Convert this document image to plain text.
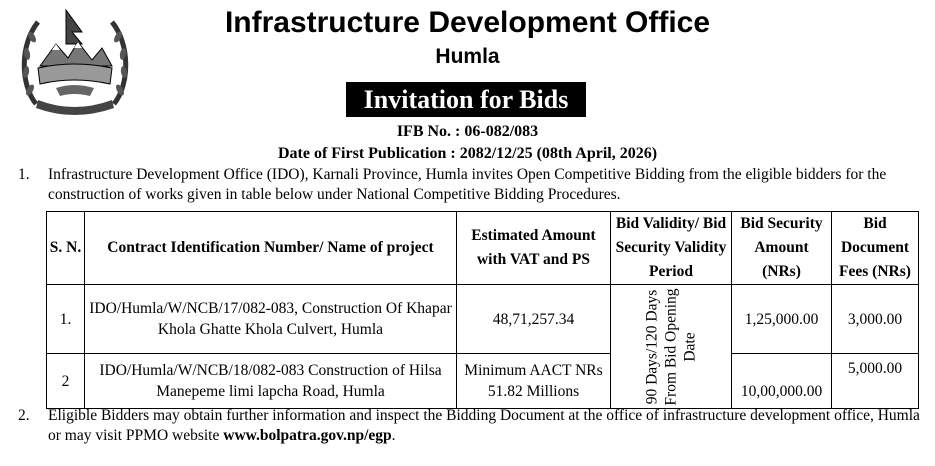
Infrastructure Development Office
Humla
Invitation for Bids
IFB No. : 06-082/083
Date of First Publication : 2082/12/25 (08th April, 2026)
1. Infrastructure Development Office (IDO), Karnali Province, Humla invites Open Competitive Bidding from the eligible bidders for the construction of works given in table below under National Competitive Bidding Procedures.
S. N.	Contract Identification Number/ Name of project	Estimated Amount with VAT and PS	Bid Validity/ Bid Security Validity Period	Bid Security Amount (NRs)	Bid Document Fees (NRs)
1.	IDO/Humla/W/NCB/17/082-083, Construction Of Khapar Khola Ghatte Khola Culvert, Humla	48,71,257.34	90 Days/120 Days From Bid Opening Date	1,25,000.00	3,000.00
2	IDO/Humla/W/NCB/18/082-083 Construction of Hilsa Manepeme limi lapcha Road, Humla	Minimum AACT NRs 51.82 Millions		10,00,000.00	5,000.00
2. Eligible Bidders may obtain further information and inspect the Bidding Document at the office of infrastructure development office, Humla or may visit PPMO website www.bolpatra.gov.np/egp.
